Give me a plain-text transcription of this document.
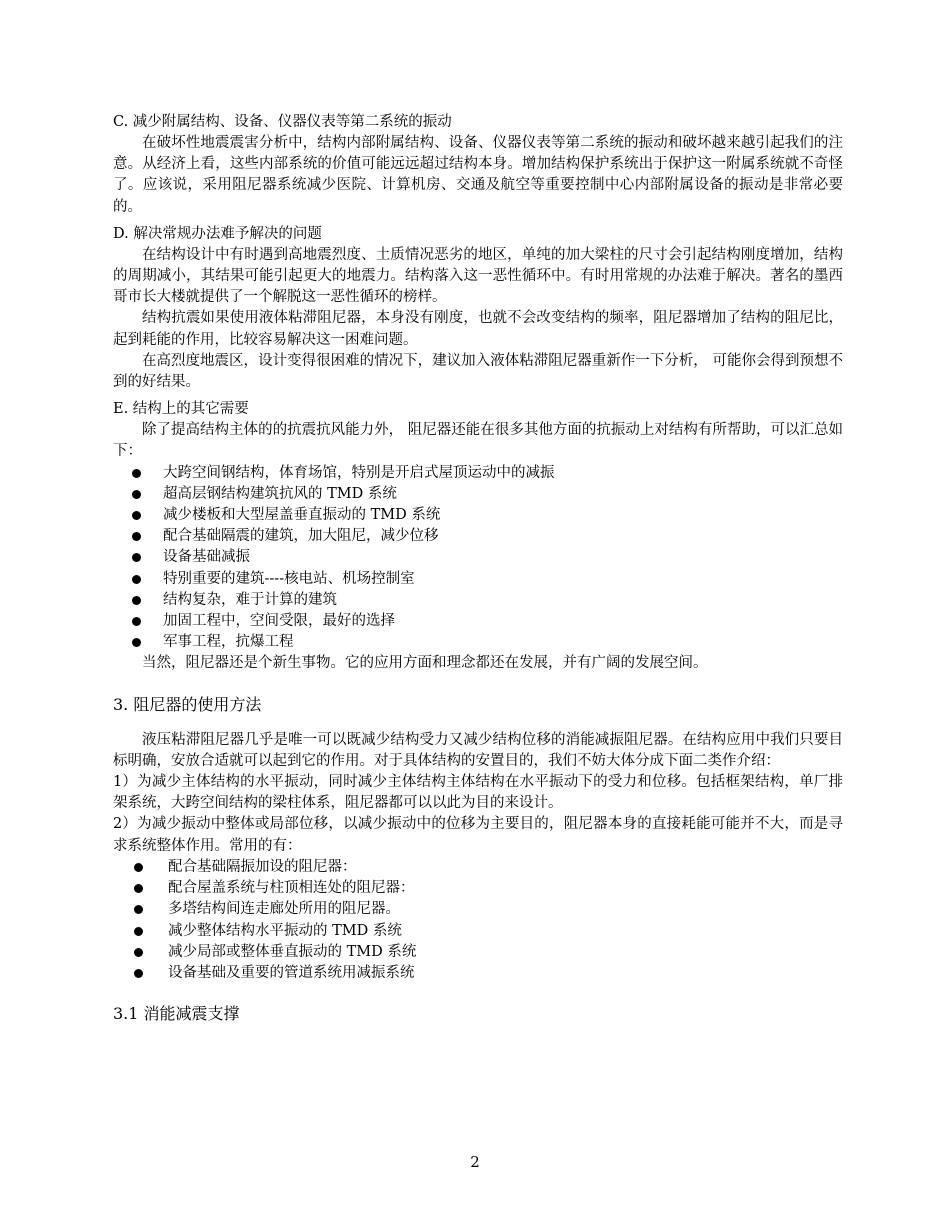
C. 减少附属结构、设备、仪器仪表等第二系统的振动

在破坏性地震震害分析中，结构内部附属结构、设备、仪器仪表等第二系统的振动和破坏越来越引起我们的注意。从经济上看，这些内部系统的价值可能远远超过结构本身。增加结构保护系统出于保护这一附属系统就不奇怪了。应该说，采用阻尼器系统减少医院、计算机房、交通及航空等重要控制中心内部附属设备的振动是非常必要的。

D. 解决常规办法难予解决的问题

在结构设计中有时遇到高地震烈度、土质情况恶劣的地区，单纯的加大梁柱的尺寸会引起结构刚度增加，结构的周期减小，其结果可能引起更大的地震力。结构落入这一恶性循环中。有时用常规的办法难于解决。著名的墨西哥市长大楼就提供了一个解脱这一恶性循环的榜样。

结构抗震如果使用液体粘滞阻尼器，本身没有刚度，也就不会改变结构的频率，阻尼器增加了结构的阻尼比，起到耗能的作用，比较容易解决这一困难问题。

在高烈度地震区，设计变得很困难的情况下，建议加入液体粘滞阻尼器重新作一下分析， 可能你会得到预想不到的好结果。

E. 结构上的其它需要

除了提高结构主体的的抗震抗风能力外， 阻尼器还能在很多其他方面的抗振动上对结构有所帮助，可以汇总如下：

大跨空间钢结构，体育场馆，特别是开启式屋顶运动中的减振
超高层钢结构建筑抗风的 TMD 系统
减少楼板和大型屋盖垂直振动的 TMD 系统
配合基础隔震的建筑，加大阻尼，减少位移
设备基础减振
特别重要的建筑----核电站、机场控制室
结构复杂，难于计算的建筑
加固工程中，空间受限，最好的选择
军事工程，抗爆工程

当然，阻尼器还是个新生事物。它的应用方面和理念都还在发展，并有广阔的发展空间。

3. 阻尼器的使用方法

液压粘滞阻尼器几乎是唯一可以既减少结构受力又减少结构位移的消能减振阻尼器。在结构应用中我们只要目标明确，安放合适就可以起到它的作用。对于具体结构的安置目的，我们不妨大体分成下面二类作介绍：

1）为减少主体结构的水平振动，同时减少主体结构主体结构在水平振动下的受力和位移。包括框架结构，单厂排架系统，大跨空间结构的梁柱体系，阻尼器都可以以此为目的来设计。

2）为减少振动中整体或局部位移，以减少振动中的位移为主要目的，阻尼器本身的直接耗能可能并不大，而是寻求系统整体作用。常用的有：

配合基础隔振加设的阻尼器：
配合屋盖系统与柱顶相连处的阻尼器：
多塔结构间连走廊处所用的阻尼器。
减少整体结构水平振动的 TMD 系统
减少局部或整体垂直振动的 TMD 系统
设备基础及重要的管道系统用减振系统

3.1 消能减震支撑

2
